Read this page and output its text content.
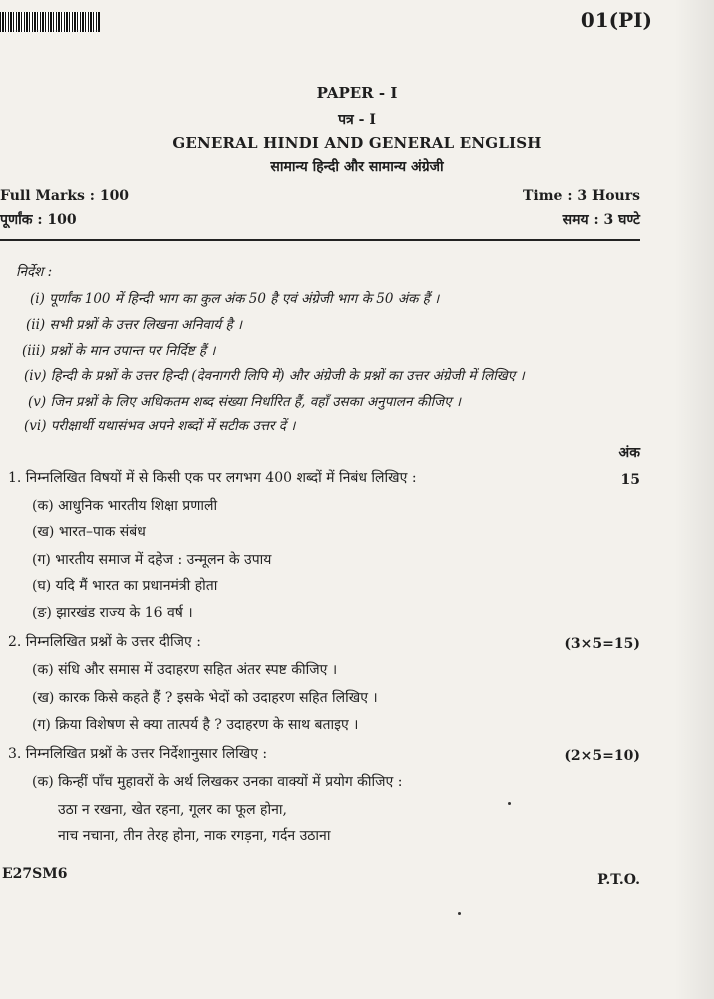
01(PI)
PAPER - I
पत्र - I
GENERAL HINDI AND GENERAL ENGLISH
सामान्य हिन्दी और सामान्य अंग्रेजी
Full Marks : 100
पूर्णांक : 100
Time : 3 Hours
समय : 3 घण्टे
निर्देश :
(i) पूर्णांक 100 में हिन्दी भाग का कुल अंक 50 है एवं अंग्रेजी भाग के 50 अंक हैं ।
(ii) सभी प्रश्नों के उत्तर लिखना अनिवार्य है ।
(iii) प्रश्नों के मान उपान्त पर निर्दिष्ट हैं ।
(iv) हिन्दी के प्रश्नों के उत्तर हिन्दी (देवनागरी लिपि में) और अंग्रेजी के प्रश्नों का उत्तर अंग्रेजी में लिखिए ।
(v) जिन प्रश्नों के लिए अधिकतम शब्द संख्या निर्धारित हैं, वहाँ उसका अनुपालन कीजिए ।
(vi) परीक्षार्थी यथासंभव अपने शब्दों में सटीक उत्तर दें ।
अंक
1. निम्नलिखित विषयों में से किसी एक पर लगभग 400 शब्दों में निबंध लिखिए :	15
(क) आधुनिक भारतीय शिक्षा प्रणाली
(ख) भारत–पाक संबंध
(ग) भारतीय समाज में दहेज : उन्मूलन के उपाय
(घ) यदि मैं भारत का प्रधानमंत्री होता
(ङ) झारखंड राज्य के 16 वर्ष ।
2. निम्नलिखित प्रश्नों के उत्तर दीजिए :	(3×5=15)
(क) संधि और समास में उदाहरण सहित अंतर स्पष्ट कीजिए ।
(ख) कारक किसे कहते हैं ? इसके भेदों को उदाहरण सहित लिखिए ।
(ग) क्रिया विशेषण से क्या तात्पर्य है ? उदाहरण के साथ बताइए ।
3. निम्नलिखित प्रश्नों के उत्तर निर्देशानुसार लिखिए :	(2×5=10)
(क) किन्हीं पाँच मुहावरों के अर्थ लिखकर उनका वाक्यों में प्रयोग कीजिए :
उठा न रखना, खेत रहना, गूलर का फूल होना,
नाच नचाना, तीन तेरह होना, नाक रगड़ना, गर्दन उठाना
E27SM6	P.T.O.
